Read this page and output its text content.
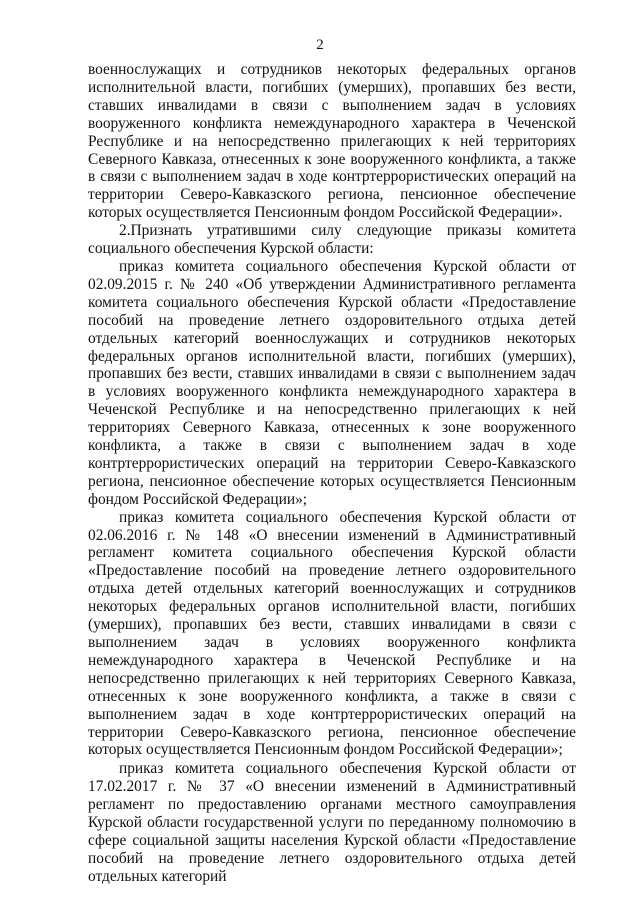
2

военнослужащих и сотрудников некоторых федеральных органов исполнительной власти, погибших (умерших), пропавших без вести, ставших инвалидами в связи с выполнением задач в условиях вооруженного конфликта немеждународного характера в Чеченской Республике и на непосредственно прилегающих к ней территориях Северного Кавказа, отнесенных к зоне вооруженного конфликта, а также в связи с выполнением задач в ходе контртеррористических операций на территории Северо-Кавказского региона, пенсионное обеспечение которых осуществляется Пенсионным фондом Российской Федерации».

2.Признать утратившими силу следующие приказы комитета социального обеспечения Курской области:

приказ комитета социального обеспечения Курской области от 02.09.2015 г. № 240 «Об утверждении Административного регламента комитета социального обеспечения Курской области «Предоставление пособий на проведение летнего оздоровительного отдыха детей отдельных категорий военнослужащих и сотрудников некоторых федеральных органов исполнительной власти, погибших (умерших), пропавших без вести, ставших инвалидами в связи с выполнением задач в условиях вооруженного конфликта немеждународного характера в Чеченской Республике и на непосредственно прилегающих к ней территориях Северного Кавказа, отнесенных к зоне вооруженного конфликта, а также в связи с выполнением задач в ходе контртеррористических операций на территории Северо-Кавказского региона, пенсионное обеспечение которых осуществляется Пенсионным фондом Российской Федерации»;

приказ комитета социального обеспечения Курской области от 02.06.2016 г. № 148 «О внесении изменений в Административный регламент комитета социального обеспечения Курской области «Предоставление пособий на проведение летнего оздоровительного отдыха детей отдельных категорий военнослужащих и сотрудников некоторых федеральных органов исполнительной власти, погибших (умерших), пропавших без вести, ставших инвалидами в связи с выполнением задач в условиях вооруженного конфликта немеждународного характера в Чеченской Республике и на непосредственно прилегающих к ней территориях Северного Кавказа, отнесенных к зоне вооруженного конфликта, а также в связи с выполнением задач в ходе контртеррористических операций на территории Северо-Кавказского региона, пенсионное обеспечение которых осуществляется Пенсионным фондом Российской Федерации»;

приказ комитета социального обеспечения Курской области от 17.02.2017 г. № 37 «О внесении изменений в Административный регламент по предоставлению органами местного самоуправления Курской области государственной услуги по переданному полномочию в сфере социальной защиты населения Курской области «Предоставление пособий на проведение летнего оздоровительного отдыха детей отдельных категорий
